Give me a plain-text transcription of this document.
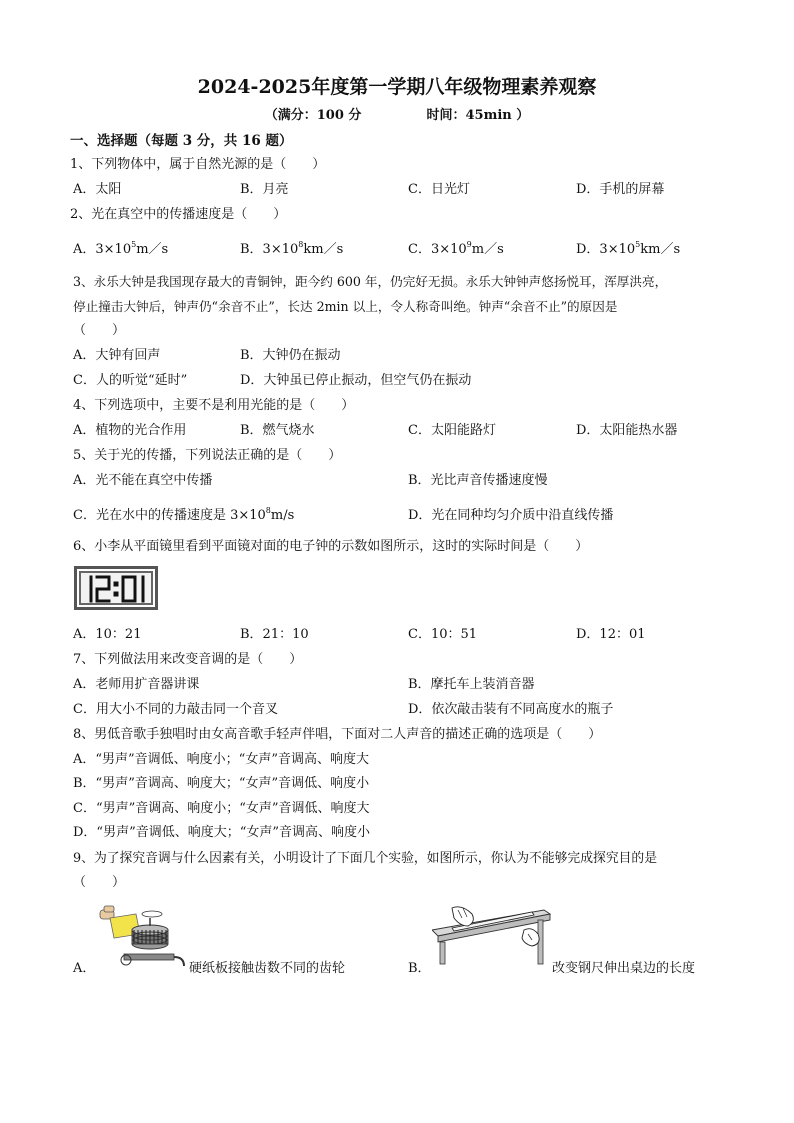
2024-2025年度第一学期八年级物理素养观察
（满分：100 分	时间：45min ）
一、选择题（每题 3 分，共 16 题）
1、下列物体中，属于自然光源的是（　　）
A．太阳	B．月亮	C．日光灯	D．手机的屏幕
2、光在真空中的传播速度是（　　）
A．$3\times 10^5m/s$	B．$3\times 10^8km/s$	C．$3\times 10^9m/s$	D．$3\times 10^5km/s$
3、永乐大钟是我国现存最大的青铜钟，距今约 600 年，仍完好无损。永乐大钟钟声悠扬悦耳，浑厚洪亮，
停止撞击大钟后，钟声仍“余音不止”，长达 2min 以上，令人称奇叫绝。钟声“余音不止”的原因是
（　　）
A．大钟有回声	B．大钟仍在振动
C．人的听觉“延时”	D．大钟虽已停止振动，但空气仍在振动
4、下列选项中，主要不是利用光能的是（　　）
A．植物的光合作用	B．燃气烧水	C．太阳能路灯	D．太阳能热水器
5、关于光的传播，下列说法正确的是（　　）
A．光不能在真空中传播	B．光比声音传播速度慢
C．光在水中的传播速度是 $3\times 10^8m/s$	D．光在同种均匀介质中沿直线传播
6、小李从平面镜里看到平面镜对面的电子钟的示数如图所示，这时的实际时间是（　　）
A．10：21	B．21：10	C．10：51	D．12：01
7、下列做法用来改变音调的是（　　）
A．老师用扩音器讲课	B．摩托车上装消音器
C．用大小不同的力敲击同一个音叉	D．依次敲击装有不同高度水的瓶子
8、男低音歌手独唱时由女高音歌手轻声伴唱，下面对二人声音的描述正确的选项是（　　）
A．“男声”音调低、响度小；“女声”音调高、响度大
B．“男声”音调高、响度大；“女声”音调低、响度小
C．“男声”音调高、响度小；“女声”音调低、响度大
D．“男声”音调低、响度大；“女声”音调高、响度小
9、为了探究音调与什么因素有关，小明设计了下面几个实验，如图所示，你认为不能够完成探究目的是
（　　）
A．	硬纸板接触齿数不同的齿轮	B．	改变钢尺伸出桌边的长度
